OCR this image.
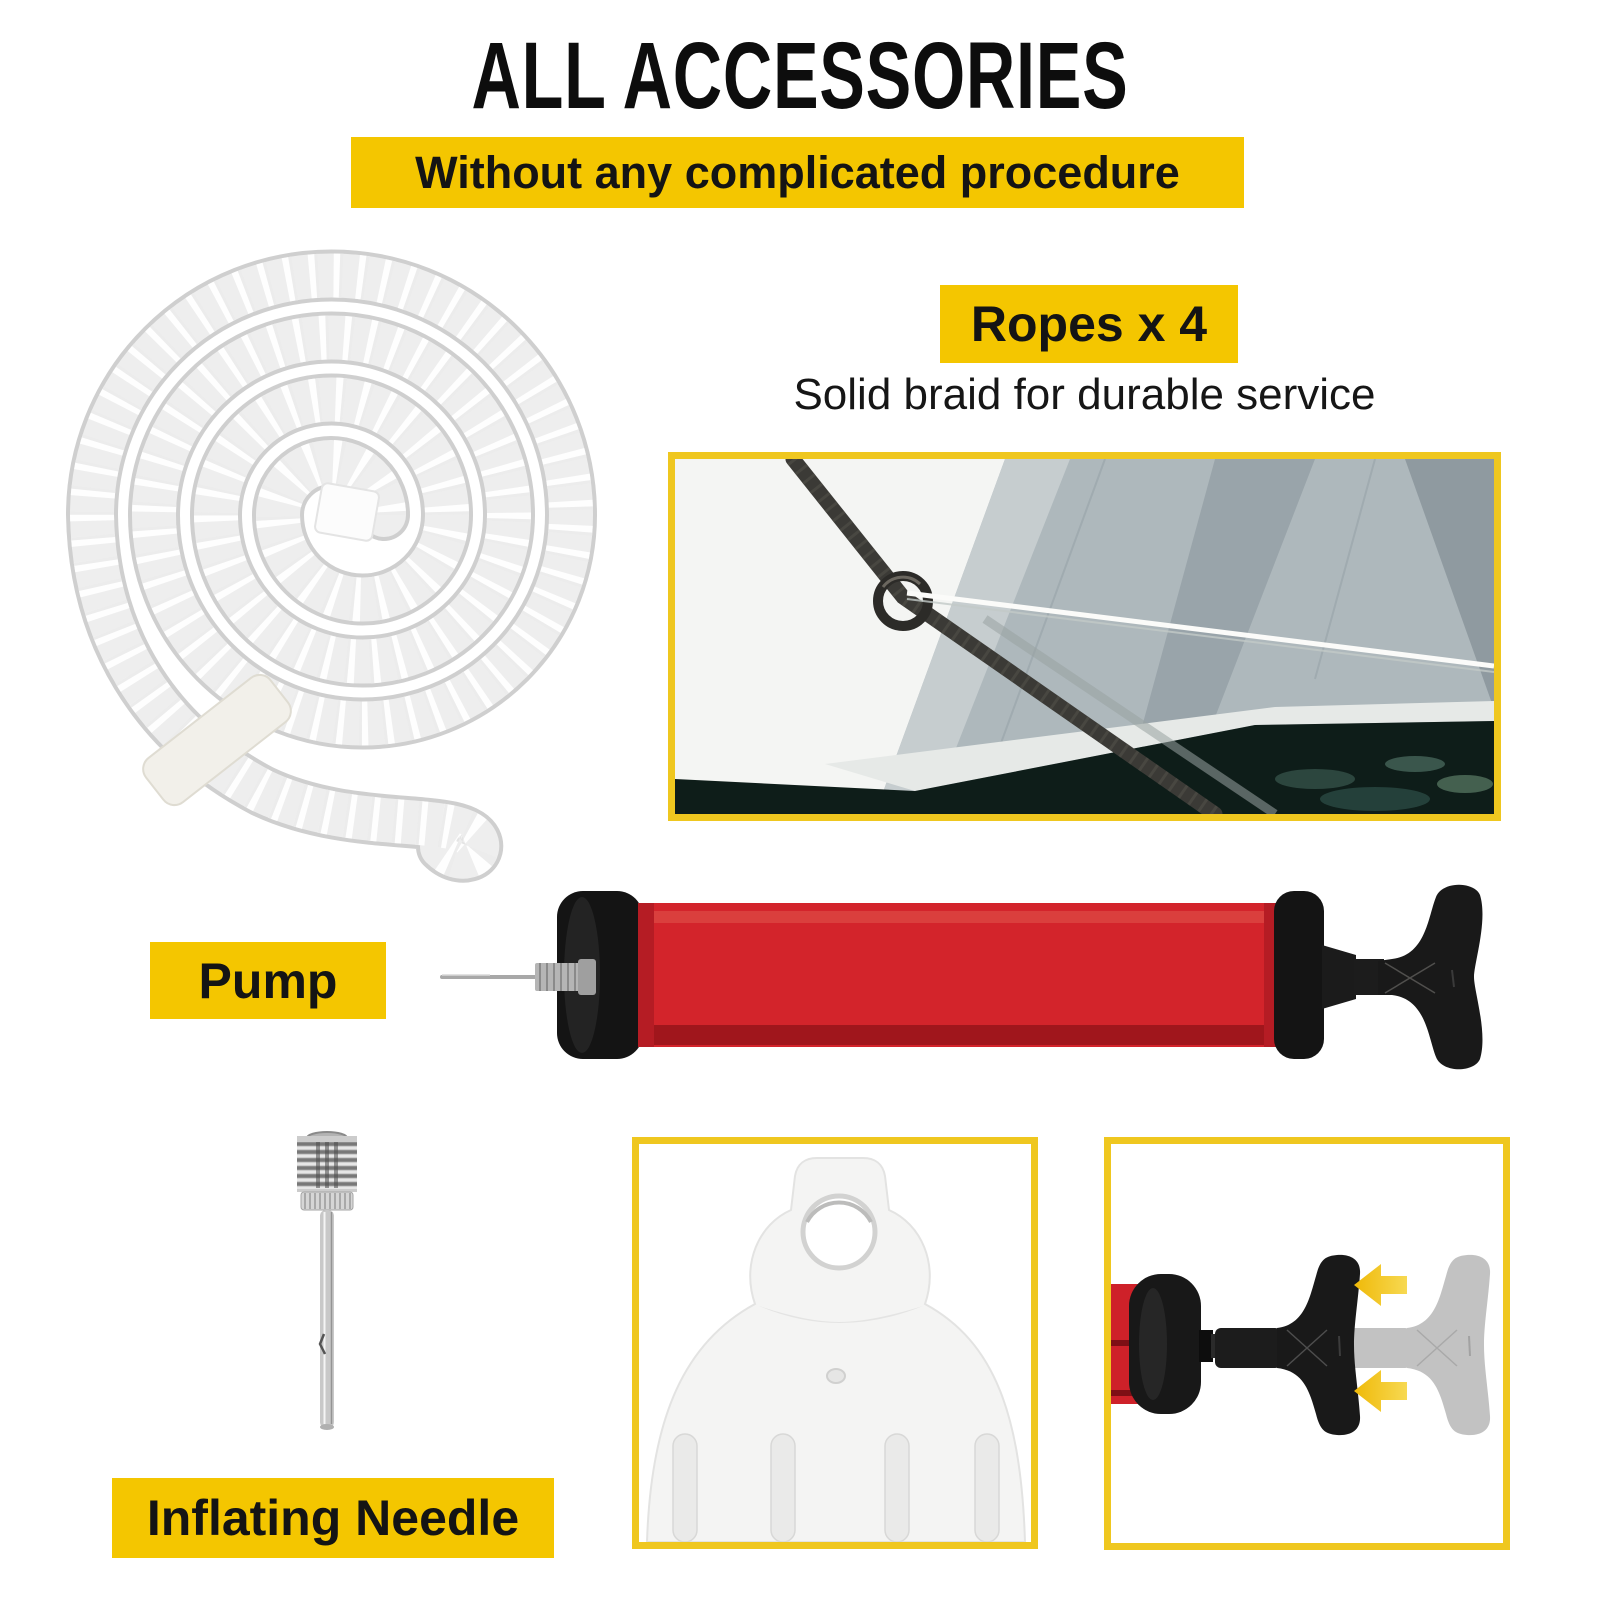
ALL ACCESSORIES
Without any complicated procedure
Ropes x 4
Solid braid for durable service
Pump
Inflating Needle
